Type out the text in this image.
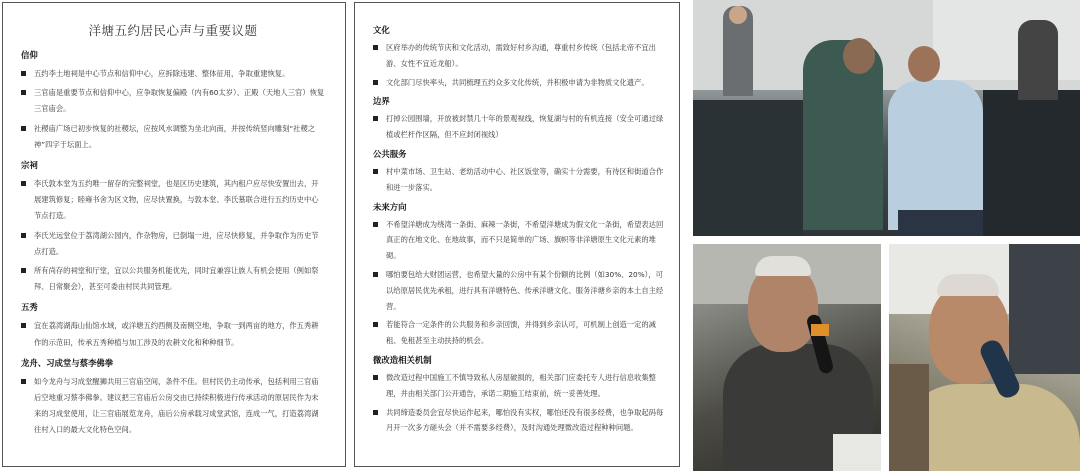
洋塘五约居民心声与重要议题
信仰
五约李土地祠是中心节点和信仰中心，应拆除违建、整体征用，争取重建恢复。
三官庙是重要节点和信仰中心，应争取恢复偏殿（内有60太岁）、正殿（天地人三官）恢复三官庙会。
社稷庙广场已初步恢复的社稷坛，应按风水调整为坐北向南，并按传统竖向雕刻“社稷之神”四字于坛面上。
宗祠
李氏敦本堂为五约唯一留存的完整祠堂，也是区历史建筑，其内租户应尽快安置出去，开展建筑修复；睦雍书舍为区文物，应尽快置换，与敦本堂、李氏墓联合进行五约历史中心节点打造。
李氏光远堂位于荔湾湖公园内，作杂物房，已倒塌一进，应尽快修复，并争取作为历史节点打造。
所有尚存的祠堂和厅堂，宜以公共服务机能优先，同时宜兼容让族人有机会使用（例如祭拜、日常聚会），甚至可委由村民共同管理。
五秀
宜在荔湾湖海山仙馆水域，或洋塘五约西侧及南侧空地，争取一到两亩的地方，作五秀耕作的示范田，传承五秀种植与加工涉及的农耕文化和种种细节。
龙舟、习成堂与蔡李佛拳
如今龙舟与习成堂醒狮共用三官庙空间，条件不佳。但村民仍主动传承，包括利用三官庙后空地重习蔡李佛拳。建议把三官庙后公房交由已持续积极进行传承活动的原居民作为未来的习成堂使用，让三官庙展览龙舟，庙后公房承载习成堂武馆，连成一气，打造荔湾湖往村入口的最大文化特色空间。
文化
区府举办的传统节庆和文化活动，需致好村乡沟通，尊重村乡传统（包括北帝不宜出游、女性不宜近龙船）。
文化部门尽快率头，共同梳理五约众多文化传统，并积极申请为非物质文化遗产。
边界
打掉公园围墙，开放被封禁几十年的景观视线，恢复湖与村的有机连接（安全可通过绿植或栏杆作区隔，但不应封闭视线）
公共服务
村中菜市场、卫生站、老幼活动中心、社区饭堂等，确实十分需要，有待区和街道合作和进一步落实。
未来方向
不希望洋塘成为绕湾一条街、麻辣一条街，不希望洋塘成为假文化一条街，希望表达回真正的在地文化、在地故事，而不只是简单的广场、旗帜等非洋塘原生文化元素的堆砌。
哪怕要包给大财团运营，也希望大量的公房中有某个份额的比例（如30%、20%），可以给原居民优先承租，进行具有洋塘特色、传承洋塘文化、服务洋塘乡亲的本土自主经营。
若能符合一定条件的公共服务和乡亲回馈，并得到乡亲认可，可机制上创造一定的减租、免租甚至主动扶持的机会。
微改造相关机制
微改造过程中国施工不慎导致私人房屋破损的，相关部门应委托专人进行信息收集整理，并由相关部门公开通告，承诺二期施工结束前，统一妥善处理。
共同缔造委员会宜尽快运作起来，哪怕没有实权，哪怕还没有很多经费，也争取起码每月开一次多方磋头会（并不需要多经费），及时沟通处理微改造过程种种问题。
